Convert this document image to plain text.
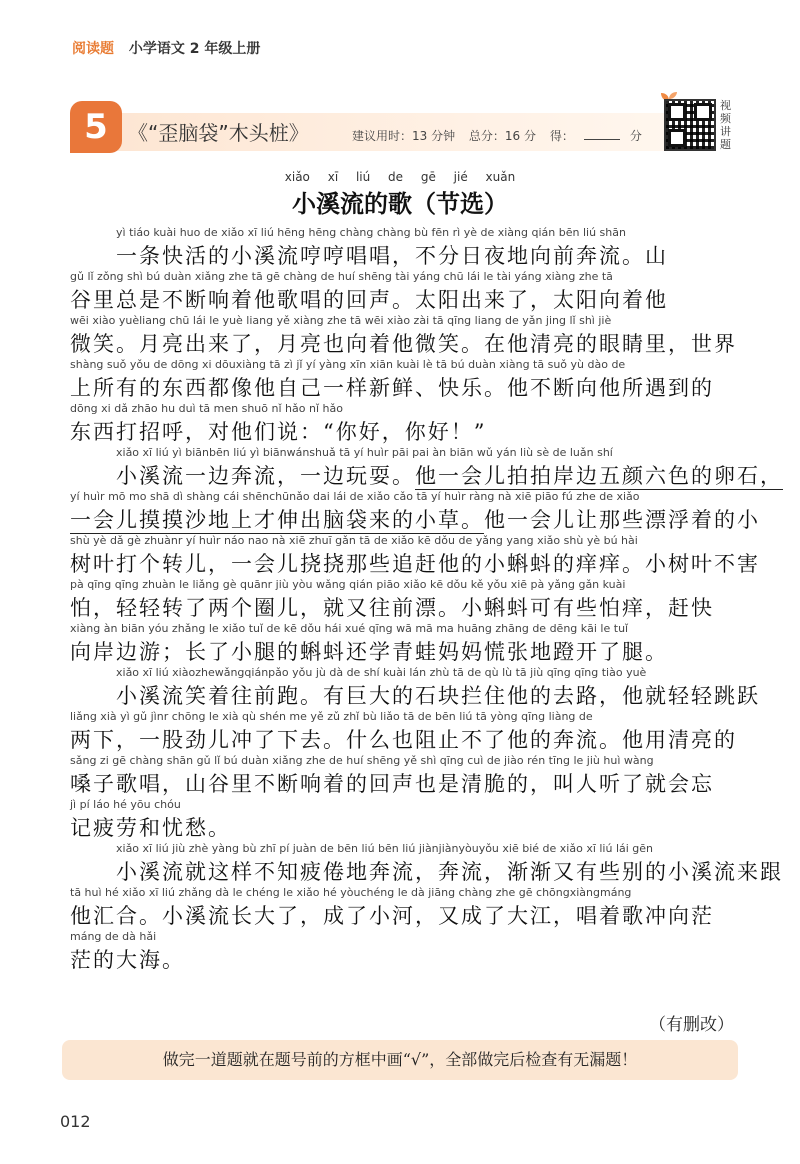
阅读题 小学语文 2 年级上册
5	《“歪脑袋”木头桩》	建议用时：13 分钟 总分：16 分 得：	分
视频讲题
xiǎo xī liú de gē jié xuǎn
小溪流的歌（节选）
yì tiáo kuài huo de xiǎo xī liú hēng hēng chàng chàng bù fēn rì yè de xiàng qián bēn liú shān
一条快活的小溪流哼哼唱唱，不分日夜地向前奔流。山
gǔ lǐ zǒng shì bú duàn xiǎng zhe tā gē chàng de huí shēng tài yáng chū lái le tài yáng xiàng zhe tā
谷里总是不断响着他歌唱的回声。太阳出来了，太阳向着他
wēi xiào yuèliang chū lái le yuè liang yě xiàng zhe tā wēi xiào zài tā qīng liang de yǎn jing lǐ shì jiè
微笑。月亮出来了，月亮也向着他微笑。在他清亮的眼睛里，世界
shàng suǒ yǒu de dōng xi dōuxiàng tā zì jǐ yí yàng xīn xiān kuài lè tā bú duàn xiàng tā suǒ yù dào de
上所有的东西都像他自己一样新鲜、快乐。他不断向他所遇到的
dōng xi dǎ zhāo hu duì tā men shuō nǐ hǎo nǐ hǎo
东西打招呼，对他们说：“你好，你好！”
xiǎo xī liú yì biānbēn liú yì biānwánshuǎ tā yí huìr pāi pai àn biān wǔ yán liù sè de luǎn shí
小溪流一边奔流，一边玩耍。他一会儿拍拍岸边五颜六色的卵石，
yí huìr mō mo shā dì shàng cái shēnchūnǎo dai lái de xiǎo cǎo tā yí huìr ràng nà xiē piāo fú zhe de xiǎo
一会儿摸摸沙地上才伸出脑袋来的小草。他一会儿让那些漂浮着的小
shù yè dǎ gè zhuànr yí huìr náo nao nà xiē zhuī gǎn tā de xiǎo kē dǒu de yǎng yang xiǎo shù yè bú hài
树叶打个转儿，一会儿挠挠那些追赶他的小蝌蚪的痒痒。小树叶不害
pà qīng qīng zhuàn le liǎng gè quānr jiù yòu wǎng qián piāo xiǎo kē dǒu kě yǒu xiē pà yǎng gǎn kuài
怕，轻轻转了两个圈儿，就又往前漂。小蝌蚪可有些怕痒，赶快
xiàng àn biān yóu zhǎng le xiǎo tuǐ de kē dǒu hái xué qīng wā mā ma huāng zhāng de dēng kāi le tuǐ
向岸边游；长了小腿的蝌蚪还学青蛙妈妈慌张地蹬开了腿。
xiǎo xī liú xiàozhewǎngqiánpǎo yǒu jù dà de shí kuài lán zhù tā de qù lù tā jiù qīng qīng tiào yuè
小溪流笑着往前跑。有巨大的石块拦住他的去路，他就轻轻跳跃
liǎng xià yì gǔ jìnr chōng le xià qù shén me yě zǔ zhǐ bù liǎo tā de bēn liú tā yòng qīng liàng de
两下，一股劲儿冲了下去。什么也阻止不了他的奔流。他用清亮的
sǎng zi gē chàng shān gǔ lǐ bú duàn xiǎng zhe de huí shēng yě shì qīng cuì de jiào rén tīng le jiù huì wàng
嗓子歌唱，山谷里不断响着的回声也是清脆的，叫人听了就会忘
jì pí láo hé yōu chóu
记疲劳和忧愁。
xiǎo xī liú jiù zhè yàng bù zhī pí juàn de bēn liú bēn liú jiànjiànyòuyǒu xiē bié de xiǎo xī liú lái gēn
小溪流就这样不知疲倦地奔流，奔流，渐渐又有些别的小溪流来跟
tā huì hé xiǎo xī liú zhǎng dà le chéng le xiǎo hé yòuchéng le dà jiāng chàng zhe gē chōngxiàngmáng
他汇合。小溪流长大了，成了小河，又成了大江，唱着歌冲向茫
máng de dà hǎi
茫的大海。
（有删改）
做完一道题就在题号前的方框中画“√”，全部做完后检查有无漏题！
012
